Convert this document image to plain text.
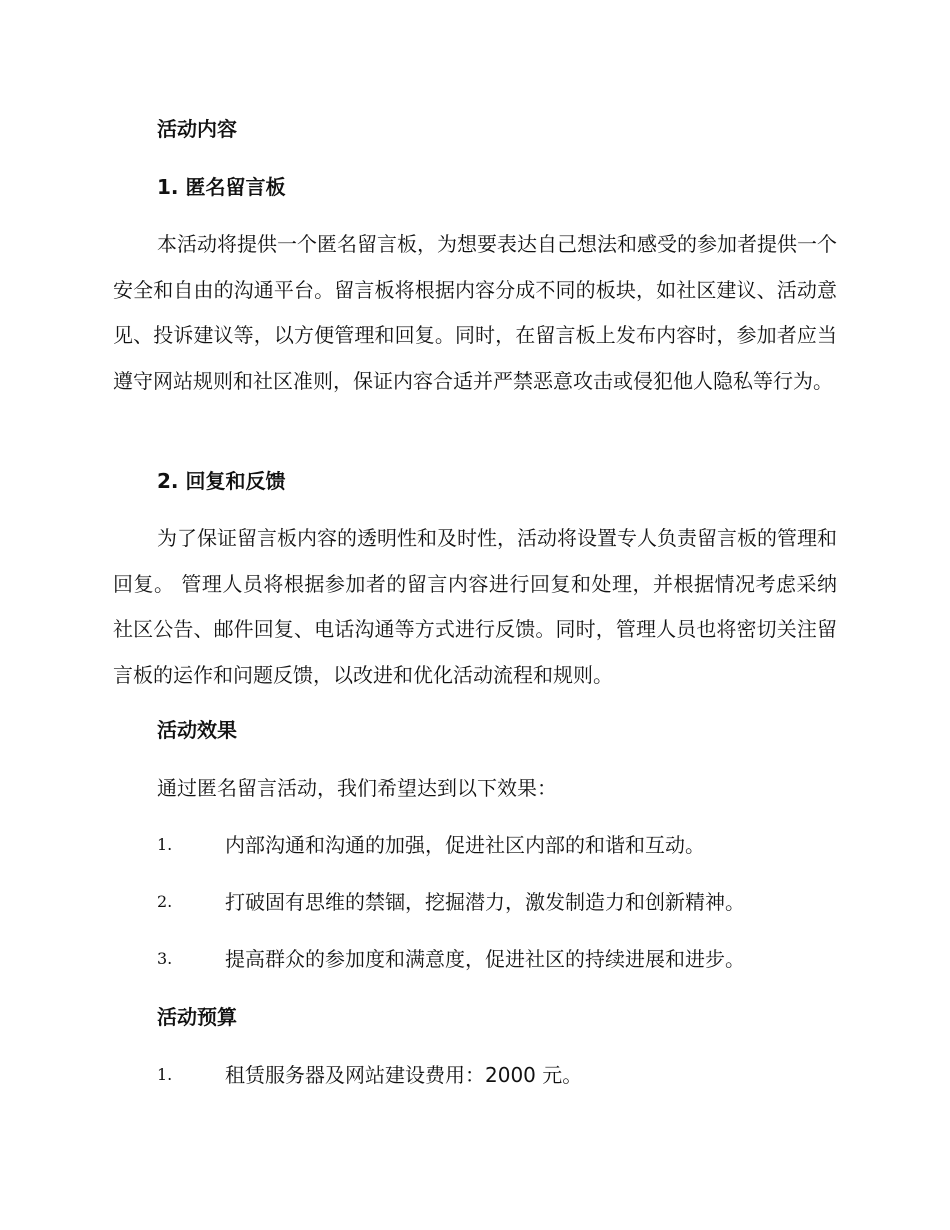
活动内容
1. 匿名留言板

本活动将提供一个匿名留言板，为想要表达自己想法和感受的参加者提供一个安全和自由的沟通平台。留言板将根据内容分成不同的板块，如社区建议、活动意见、投诉建议等，以方便管理和回复。同时，在留言板上发布内容时，参加者应当遵守网站规则和社区准则，保证内容合适并严禁恶意攻击或侵犯他人隐私等行为。

2. 回复和反馈

为了保证留言板内容的透明性和及时性，活动将设置专人负责留言板的管理和回复。 管理人员将根据参加者的留言内容进行回复和处理，并根据情况考虑采纳社区公告、邮件回复、电话沟通等方式进行反馈。同时，管理人员也将密切关注留言板的运作和问题反馈，以改进和优化活动流程和规则。

活动效果
通过匿名留言活动，我们希望达到以下效果：
1.	内部沟通和沟通的加强，促进社区内部的和谐和互动。
2.	打破固有思维的禁锢，挖掘潜力，激发制造力和创新精神。
3.	提高群众的参加度和满意度，促进社区的持续进展和进步。
活动预算
1.	租赁服务器及网站建设费用：2000 元。
